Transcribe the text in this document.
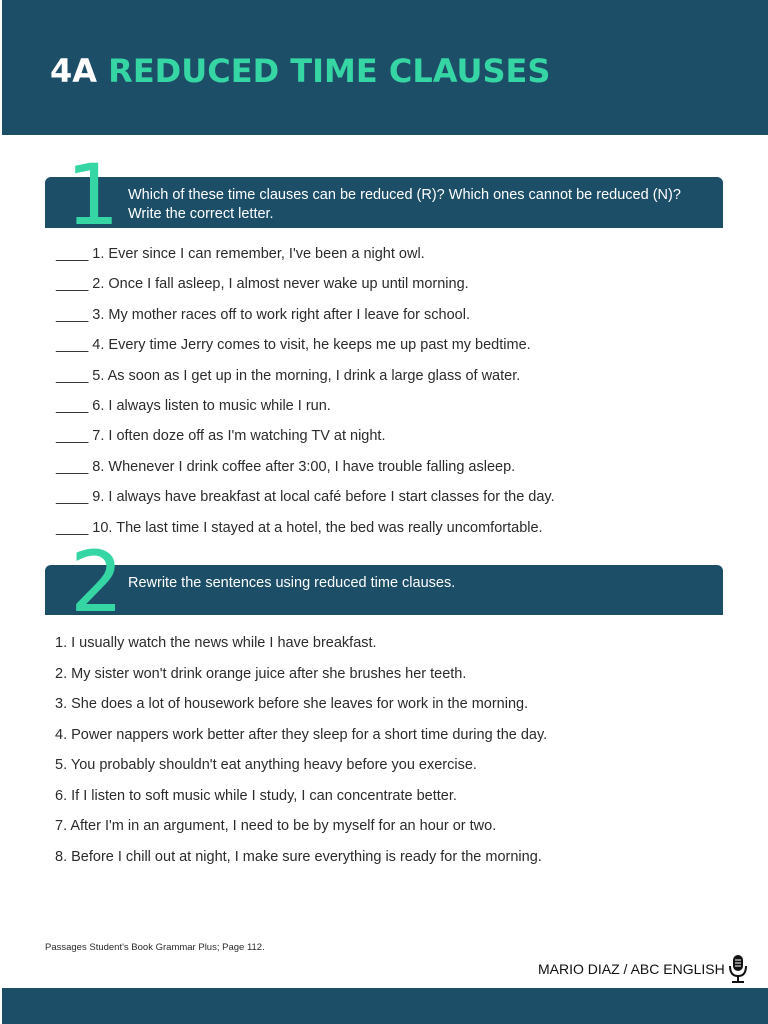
4A REDUCED TIME CLAUSES
1 Which of these time clauses can be reduced (R)? Which ones cannot be reduced (N)? Write the correct letter.
____ 1. Ever since I can remember, I've been a night owl.
____ 2. Once I fall asleep, I almost never wake up until morning.
____ 3. My mother races off to work right after I leave for school.
____ 4. Every time Jerry comes to visit, he keeps me up past my bedtime.
____ 5. As soon as I get up in the morning, I drink a large glass of water.
____ 6. I always listen to music while I run.
____ 7. I often doze off as I'm watching TV at night.
____ 8. Whenever I drink coffee after 3:00, I have trouble falling asleep.
____ 9. I always have breakfast at local café before I start classes for the day.
____ 10. The last time I stayed at a hotel, the bed was really uncomfortable.
2 Rewrite the sentences using reduced time clauses.
1. I usually watch the news while I have breakfast.
2. My sister won't drink orange juice after she brushes her teeth.
3. She does a lot of housework before she leaves for work in the morning.
4. Power nappers work better after they sleep for a short time during the day.
5. You probably shouldn't eat anything heavy before you exercise.
6. If I listen to soft music while I study, I can concentrate better.
7. After I'm in an argument, I need to be by myself for an hour or two.
8. Before I chill out at night, I make sure everything is ready for the morning.
Passages Student's Book Grammar Plus; Page 112.
MARIO DIAZ / ABC ENGLISH
